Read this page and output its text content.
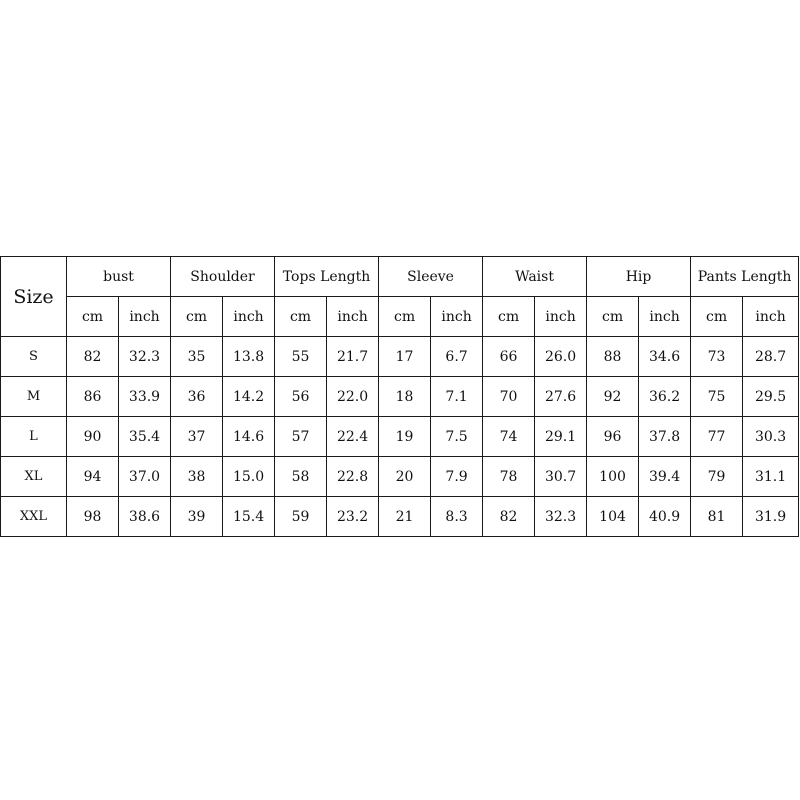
Size	bust		Shoulder		Tops Length		Sleeve		Waist		Hip		Pants Length	
	cm	inch	cm	inch	cm	inch	cm	inch	cm	inch	cm	inch	cm	inch
S	82	32.3	35	13.8	55	21.7	17	6.7	66	26.0	88	34.6	73	28.7
M	86	33.9	36	14.2	56	22.0	18	7.1	70	27.6	92	36.2	75	29.5
L	90	35.4	37	14.6	57	22.4	19	7.5	74	29.1	96	37.8	77	30.3
XL	94	37.0	38	15.0	58	22.8	20	7.9	78	30.7	100	39.4	79	31.1
XXL	98	38.6	39	15.4	59	23.2	21	8.3	82	32.3	104	40.9	81	31.9
